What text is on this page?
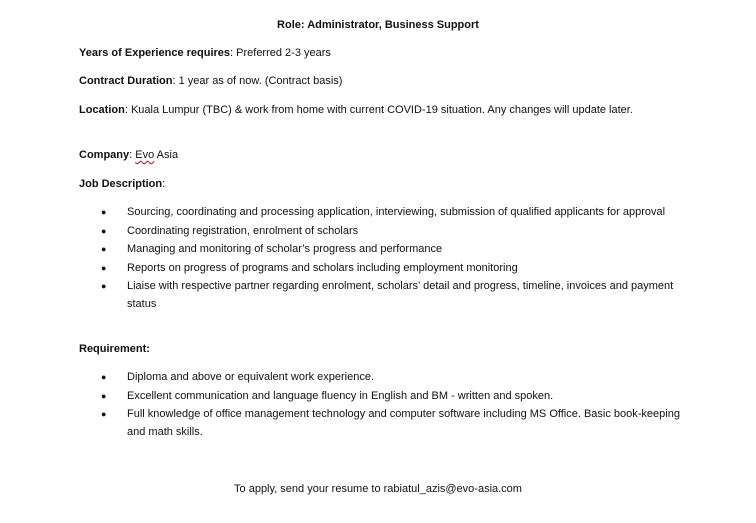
Role: Administrator, Business Support
Years of Experience requires: Preferred 2-3 years
Contract Duration: 1 year as of now. (Contract basis)
Location: Kuala Lumpur (TBC) & work from home with current COVID-19 situation. Any changes will update later.
Company: Evo Asia
Job Description:
● Sourcing, coordinating and processing application, interviewing, submission of qualified applicants for approval
● Coordinating registration, enrolment of scholars
● Managing and monitoring of scholar’s progress and performance
● Reports on progress of programs and scholars including employment monitoring
● Liaise with respective partner regarding enrolment, scholars’ detail and progress, timeline, invoices and payment status
Requirement:
● Diploma and above or equivalent work experience.
● Excellent communication and language fluency in English and BM - written and spoken.
● Full knowledge of office management technology and computer software including MS Office. Basic book-keeping and math skills.
To apply, send your resume to rabiatul_azis@evo-asia.com
